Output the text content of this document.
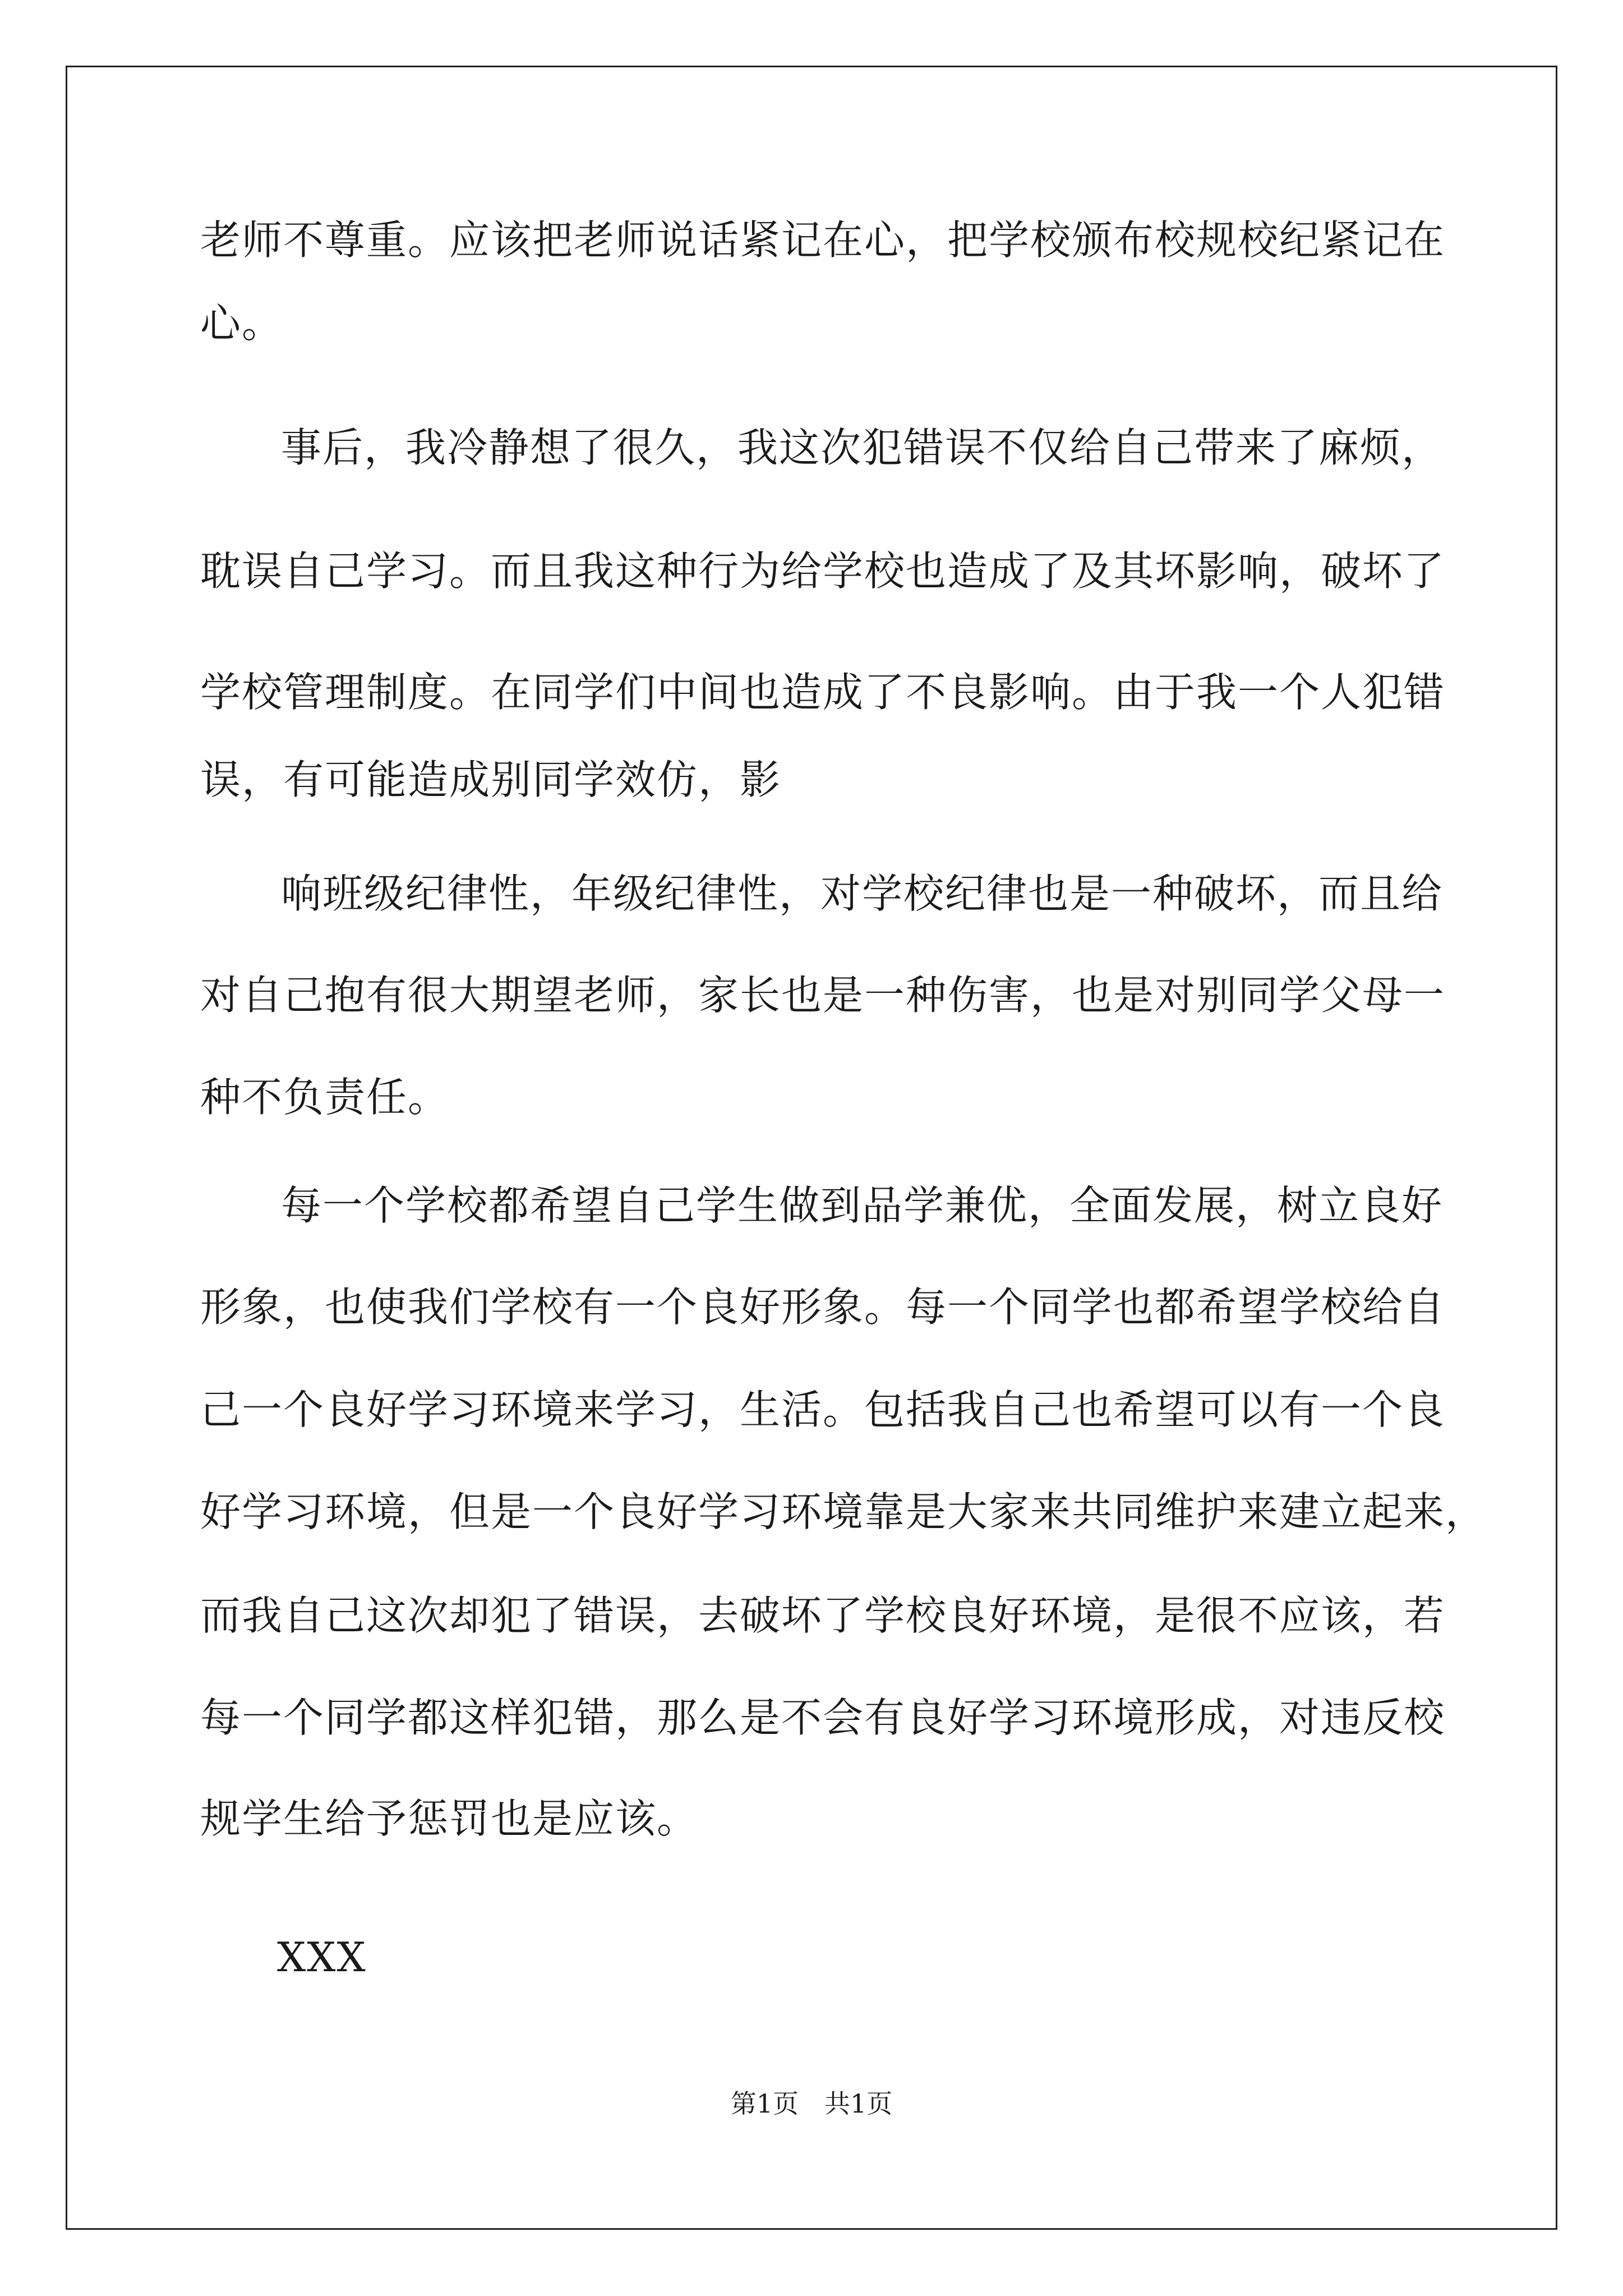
老师不尊重。应该把老师说话紧记在心，把学校颁布校规校纪紧记在
心。
事后，我冷静想了很久，我这次犯错误不仅给自己带来了麻烦，
耽误自己学习。而且我这种行为给学校也造成了及其坏影响，破坏了
学校管理制度。在同学们中间也造成了不良影响。由于我一个人犯错
误，有可能造成别同学效仿，影
响班级纪律性，年级纪律性，对学校纪律也是一种破坏，而且给
对自己抱有很大期望老师，家长也是一种伤害，也是对别同学父母一
种不负责任。
每一个学校都希望自己学生做到品学兼优，全面发展，树立良好
形象，也使我们学校有一个良好形象。每一个同学也都希望学校给自
己一个良好学习环境来学习，生活。包括我自己也希望可以有一个良
好学习环境，但是一个良好学习环境靠是大家来共同维护来建立起来，
而我自己这次却犯了错误，去破坏了学校良好环境，是很不应该，若
每一个同学都这样犯错，那么是不会有良好学习环境形成，对违反校
规学生给予惩罚也是应该。
XXX
第1页　共1页
